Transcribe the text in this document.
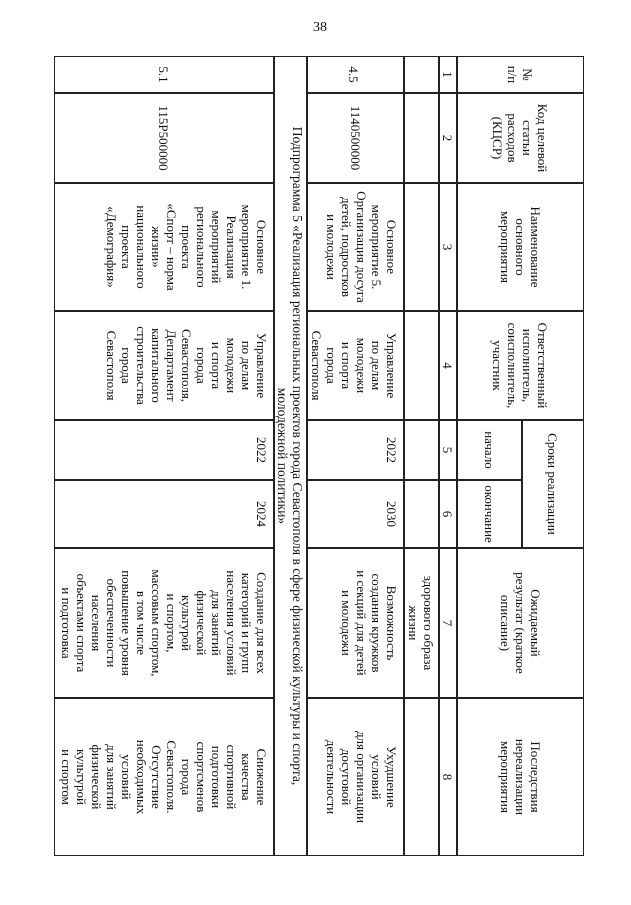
38
№
п/п
Код целевой
статьи
расходов
(КЦСР)
Наименование
основного
мероприятия
Ответственный
исполнитель,
соисполнитель,
участник
Сроки реализации
начало
окончание
Ожидаемый
результат (краткое
описание)
Последствия
нереализации
мероприятия
1
2
3
4
5
6
7
8
здорового образа
жизни
4.5
1140500000
Основное
мероприятие 5.
Организация досуга
детей, подростков
и молодежи
Управление
по делам
молодежи
и спорта
города
Севастополя
2022
2030
Возможность
создания кружков
и секций для детей
и молодежи
Ухудшение
условий
для организации
досуговой
деятельности
Подпрограмма 5 «Реализация региональных проектов города Севастополя в сфере физической культуры и спорта,
молодежной политики»
5.1
115Р500000
Основное
мероприятие 1.
Реализация
мероприятий
регионального
проекта
«Спорт – норма
жизни»
национального
проекта
«Демография»
Управление
по делам
молодежи
и спорта
города
Севастополя,
Департамент
капитального
строительства
города
Севастополя
2022
2024
Создание для всех
категорий и групп
населения условий
для занятий
физической
культурой
и спортом,
массовым спортом,
в том числе
повышение уровня
обеспеченности
населения
объектами спорта
и подготовка
Снижение
качества
спортивной
подготовки
спортсменов
города
Севастополя.
Отсутствие
необходимых
условий
для занятий
физической
культурой
и спортом
